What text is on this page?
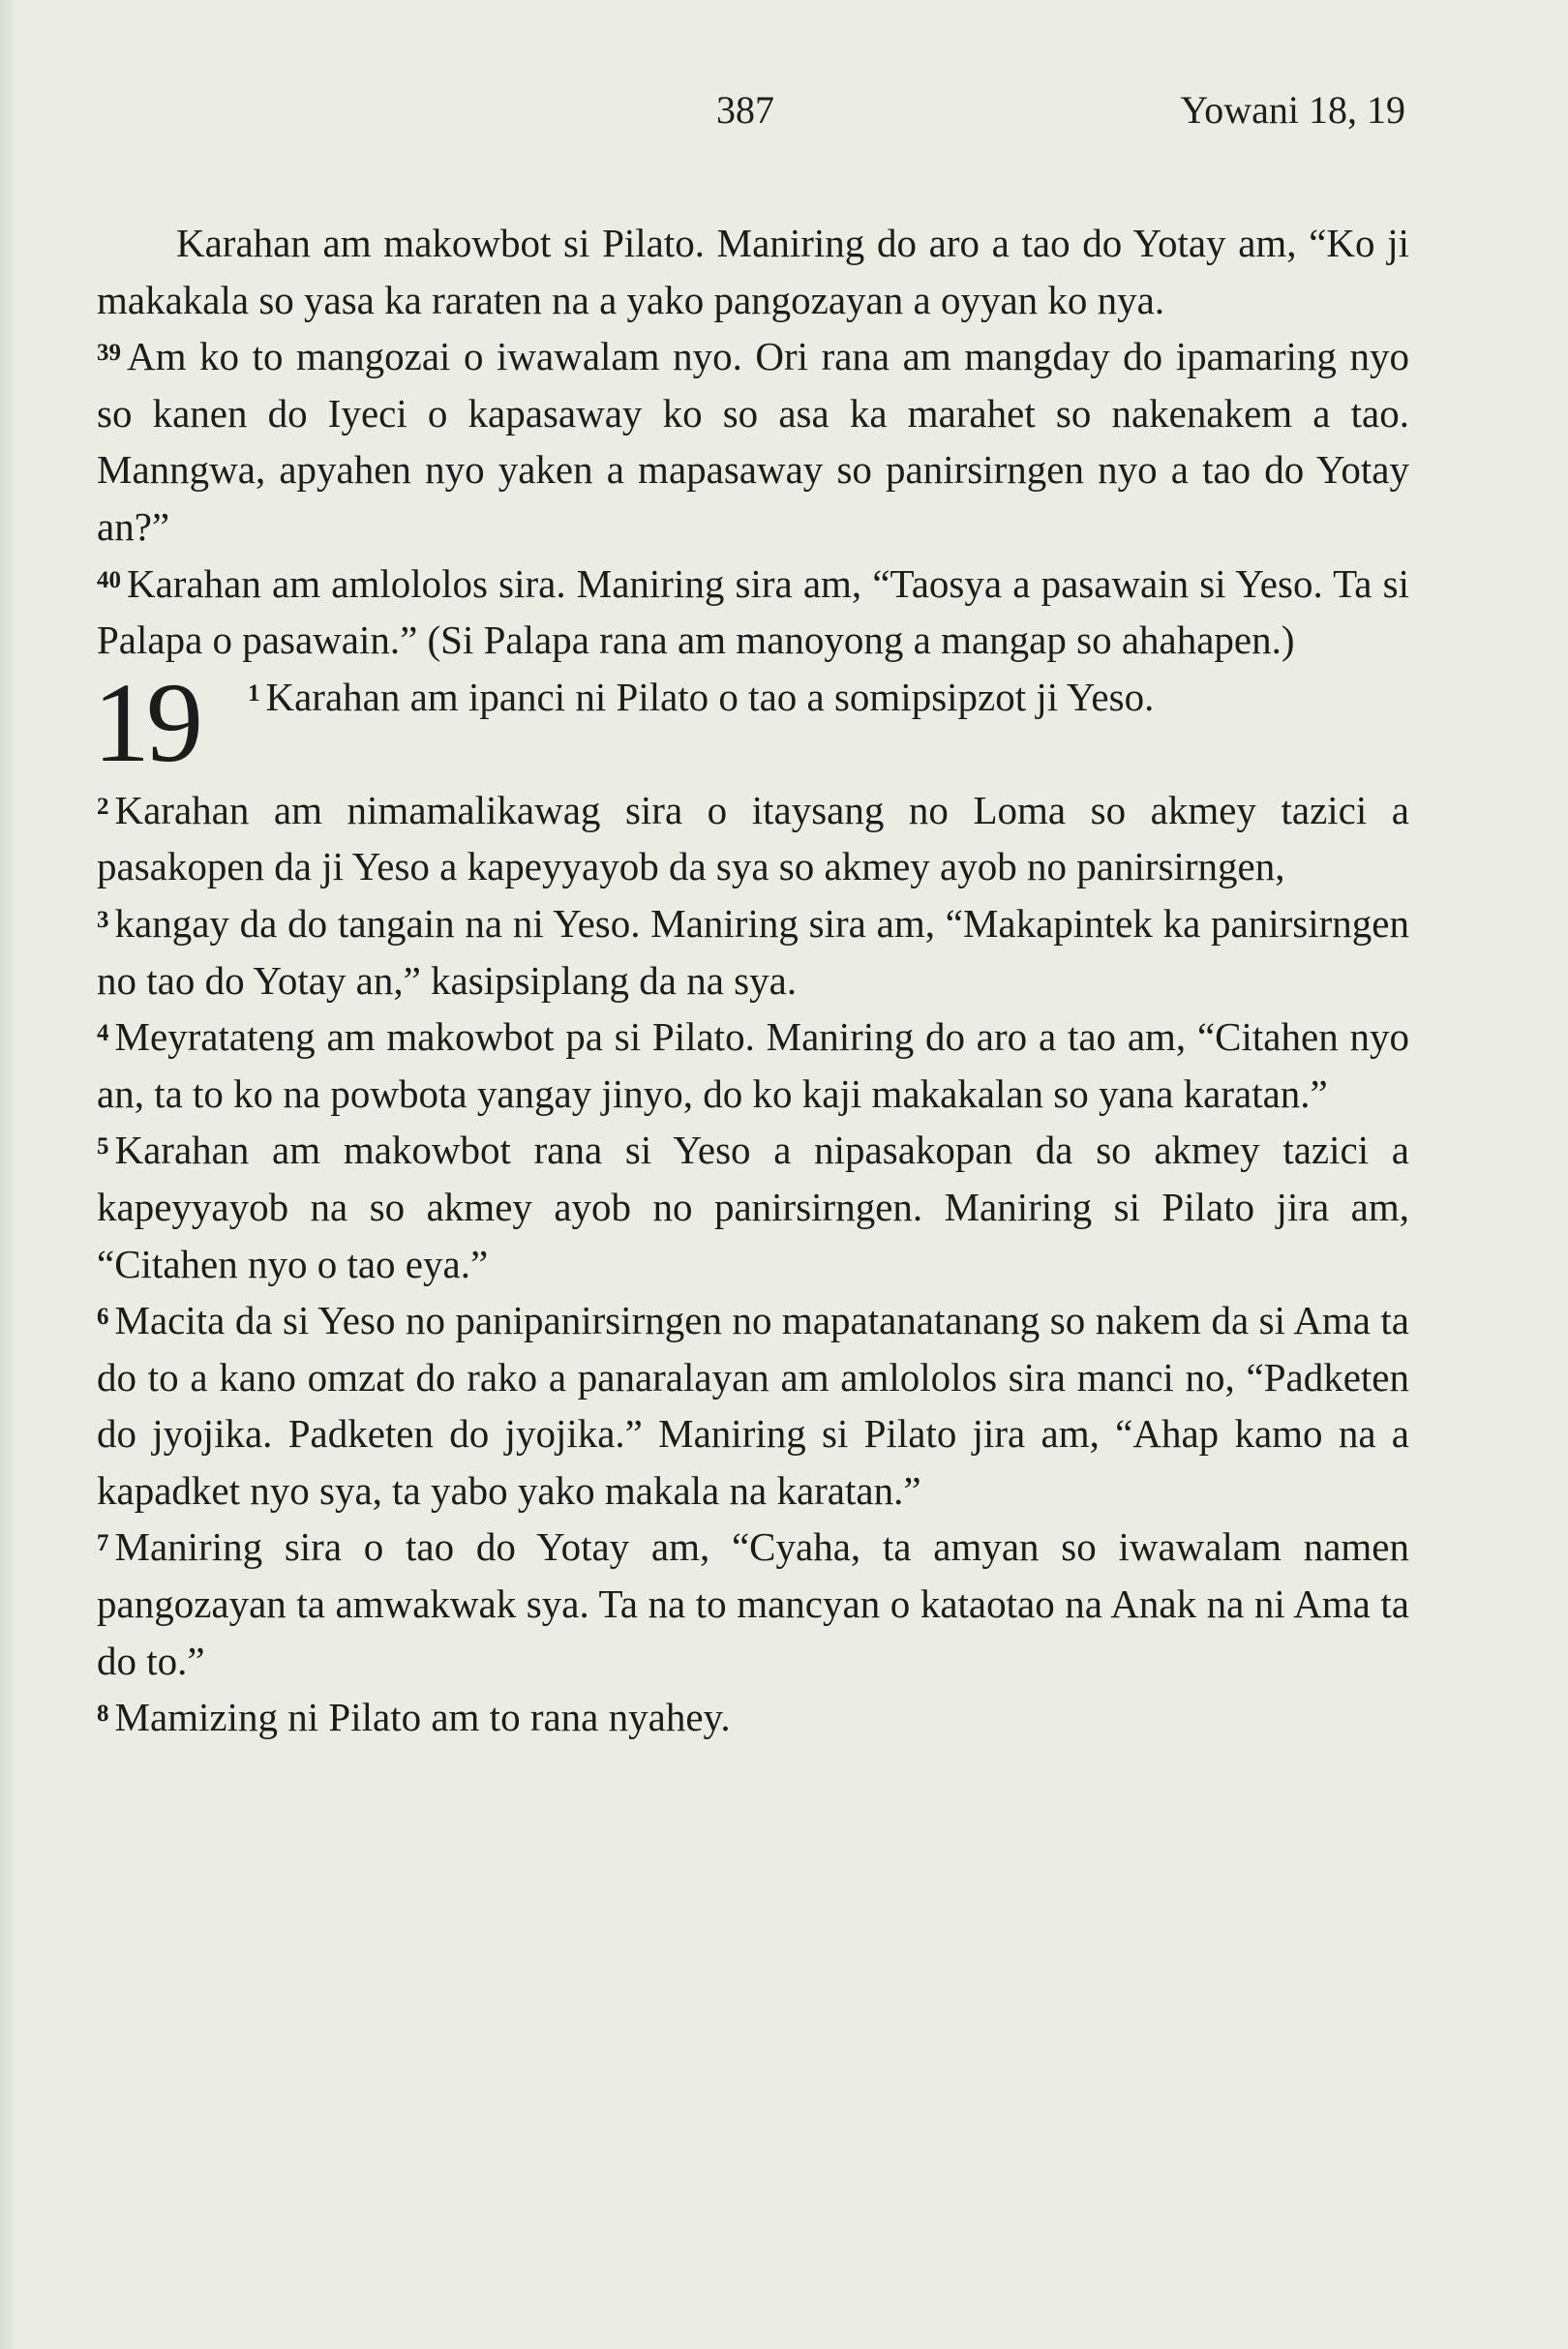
387	Yowani 18, 19

Karahan am makowbot si Pilato. Maniring do aro a tao do Yotay am, “Ko ji makakala so yasa ka raraten na a yako pangozayan a oyyan ko nya.

$^{39}$ Am ko to mangozai o iwawalam nyo. Ori rana am mangday do ipamaring nyo so kanen do Iyeci o kapasaway ko so asa ka marahet so nakenakem a tao. Manngwa, apyahen nyo yaken a mapasaway so panirsirngen nyo a tao do Yotay an?”

$^{40}$ Karahan am amlololos sira. Maniring sira am, “Taosya a pasawain si Yeso. Ta si Palapa o pasawain.” (Si Palapa rana am manoyong a mangap so ahahapen.)

19 $^1$ Karahan am ipanci ni Pilato o tao a somipsipzot ji Yeso.

$^2$ Karahan am nimamalikawag sira o itaysang no Loma so akmey tazici a pasakopen da ji Yeso a kapeyyayob da sya so akmey ayob no panirsirngen,

$^3$ kangay da do tangain na ni Yeso. Maniring sira am, “Makapintek ka panirsirngen no tao do Yotay an,” kasipsiplang da na sya.

$^4$ Meyratateng am makowbot pa si Pilato. Maniring do aro a tao am, “Citahen nyo an, ta to ko na powbota yangay jinyo, do ko kaji makakalan so yana karatan.”

$^5$ Karahan am makowbot rana si Yeso a nipasakopan da so akmey tazici a kapeyyayob na so akmey ayob no panirsirngen. Maniring si Pilato jira am, “Citahen nyo o tao eya.”

$^6$ Macita da si Yeso no panipanirsirngen no mapatanatanang so nakem da si Ama ta do to a kano omzat do rako a panaralayan am amlololos sira manci no, “Padketen do jyojika. Padketen do jyojika.” Maniring si Pilato jira am, “Ahap kamo na a kapadket nyo sya, ta yabo yako makala na karatan.”

$^7$ Maniring sira o tao do Yotay am, “Cyaha, ta amyan so iwawalam namen pangozayan ta amwakwak sya. Ta na to mancyan o kataotao na Anak na ni Ama ta do to.”

$^8$ Mamizing ni Pilato am to rana nyahey.
